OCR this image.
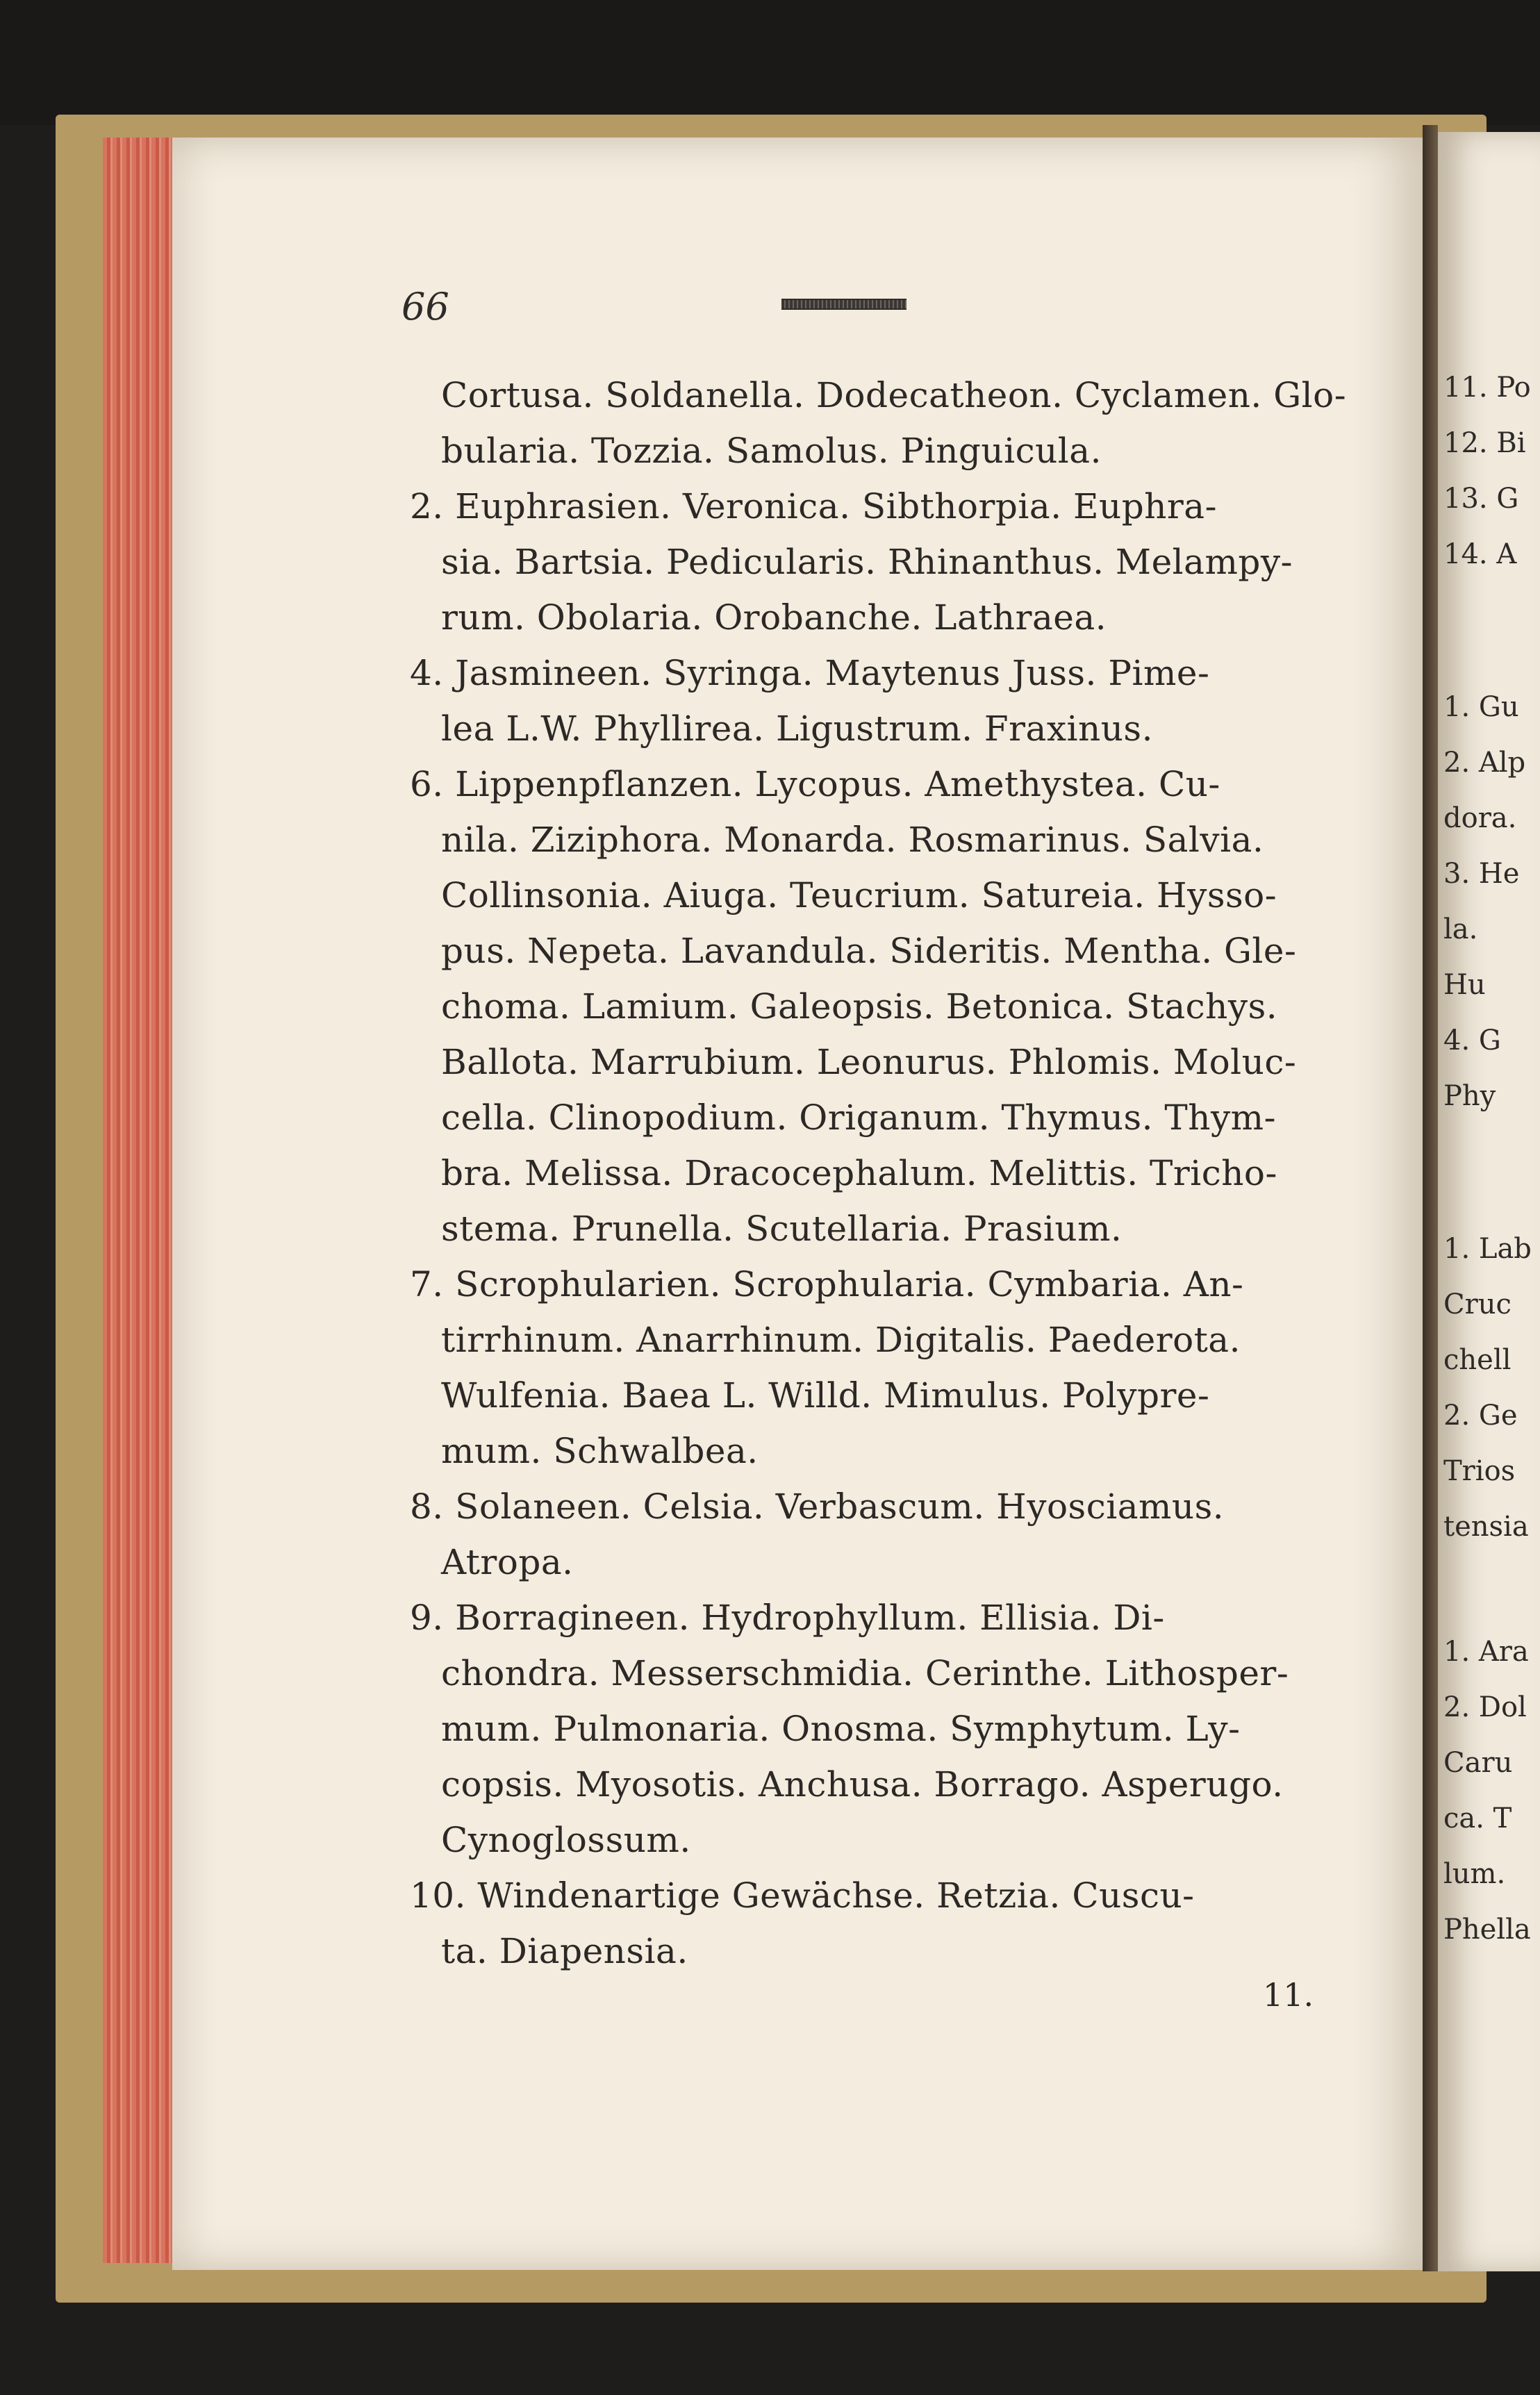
11. Po
12. Bi
13. G
14. A
1. Gu
2. Alp
dora.
3. He
la.
Hu
4. G
Phy
1. Lab
Cruc
chell
2. Ge
Trios
tensia
1. Ara
2. Dol
Caru
ca. T
lum.
Phella
66
Cortusa. Soldanella. Dodecatheon. Cyclamen. Glo-
bularia. Tozzia. Samolus. Pinguicula.
2. Euphrasien. Veronica. Sibthorpia. Euphra-
sia. Bartsia. Pedicularis. Rhinanthus. Melampy-
rum. Obolaria. Orobanche. Lathraea.
4. Jasmineen. Syringa. Maytenus Juss. Pime-
lea L.W. Phyllirea. Ligustrum. Fraxinus.
6. Lippenpflanzen. Lycopus. Amethystea. Cu-
nila. Ziziphora. Monarda. Rosmarinus. Salvia.
Collinsonia. Aiuga. Teucrium. Satureia. Hysso-
pus. Nepeta. Lavandula. Sideritis. Mentha. Gle-
choma. Lamium. Galeopsis. Betonica. Stachys.
Ballota. Marrubium. Leonurus. Phlomis. Moluc-
cella. Clinopodium. Origanum. Thymus. Thym-
bra. Melissa. Dracocephalum. Melittis. Tricho-
stema. Prunella. Scutellaria. Prasium.
7. Scrophularien. Scrophularia. Cymbaria. An-
tirrhinum. Anarrhinum. Digitalis. Paederota.
Wulfenia. Baea L. Willd. Mimulus. Polypre-
mum. Schwalbea.
8. Solaneen. Celsia. Verbascum. Hyosciamus.
Atropa.
9. Borragineen. Hydrophyllum. Ellisia. Di-
chondra. Messerschmidia. Cerinthe. Lithosper-
mum. Pulmonaria. Onosma. Symphytum. Ly-
copsis. Myosotis. Anchusa. Borrago. Asperugo.
Cynoglossum.
10. Windenartige Gewächse. Retzia. Cuscu-
ta. Diapensia.
11.
